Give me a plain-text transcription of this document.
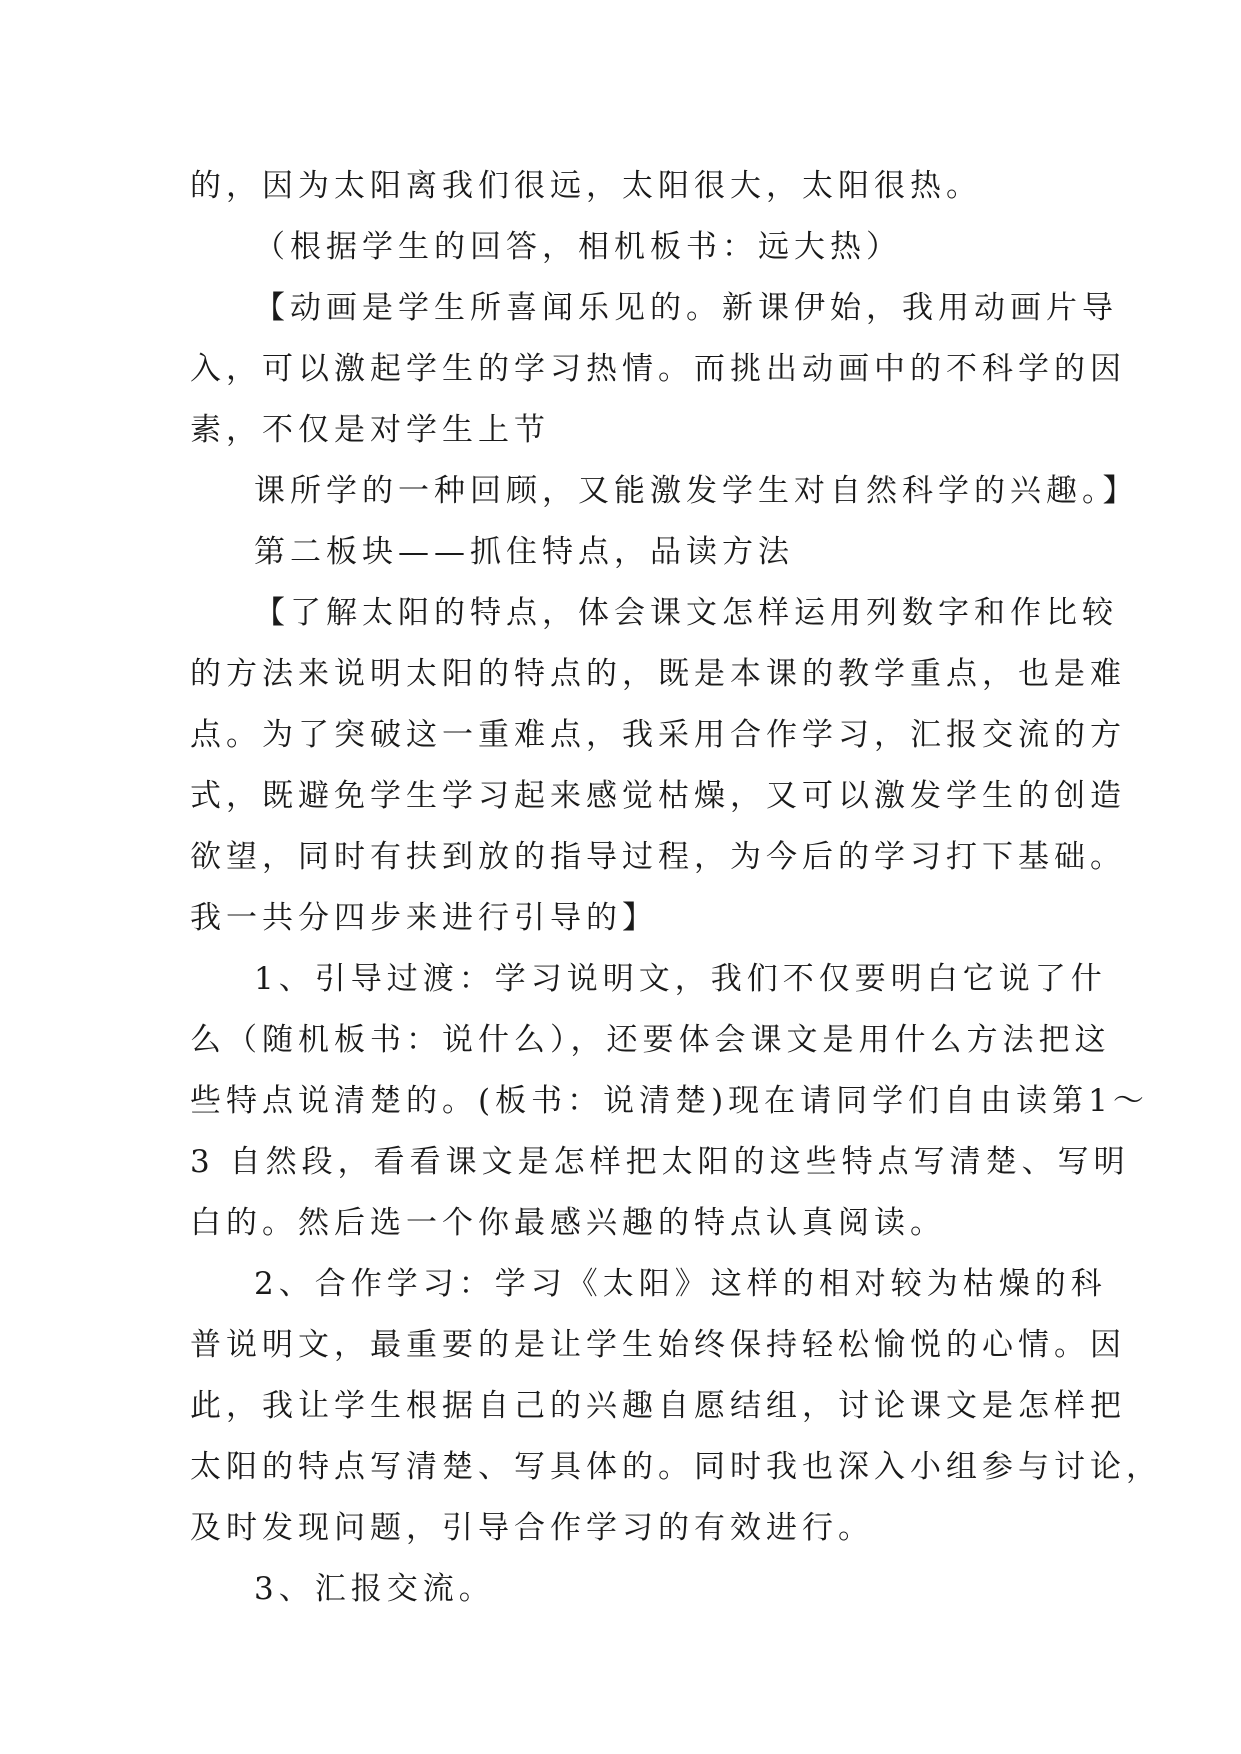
的，因为太阳离我们很远，太阳很大，太阳很热。
（根据学生的回答，相机板书：远大热）
【动画是学生所喜闻乐见的。新课伊始，我用动画片导
入，可以激起学生的学习热情。而挑出动画中的不科学的因
素，不仅是对学生上节
课所学的一种回顾，又能激发学生对自然科学的兴趣。】
第二板块——抓住特点，品读方法
【了解太阳的特点，体会课文怎样运用列数字和作比较
的方法来说明太阳的特点的，既是本课的教学重点，也是难
点。为了突破这一重难点，我采用合作学习，汇报交流的方
式，既避免学生学习起来感觉枯燥，又可以激发学生的创造
欲望，同时有扶到放的指导过程，为今后的学习打下基础。
我一共分四步来进行引导的】
1、引导过渡：学习说明文，我们不仅要明白它说了什
么（随机板书：说什么），还要体会课文是用什么方法把这
些特点说清楚的。(板书：说清楚)现在请同学们自由读第1～
3 自然段，看看课文是怎样把太阳的这些特点写清楚、写明
白的。然后选一个你最感兴趣的特点认真阅读。
2、合作学习：学习《太阳》这样的相对较为枯燥的科
普说明文，最重要的是让学生始终保持轻松愉悦的心情。因
此，我让学生根据自己的兴趣自愿结组，讨论课文是怎样把
太阳的特点写清楚、写具体的。同时我也深入小组参与讨论，
及时发现问题，引导合作学习的有效进行。
3、汇报交流。
